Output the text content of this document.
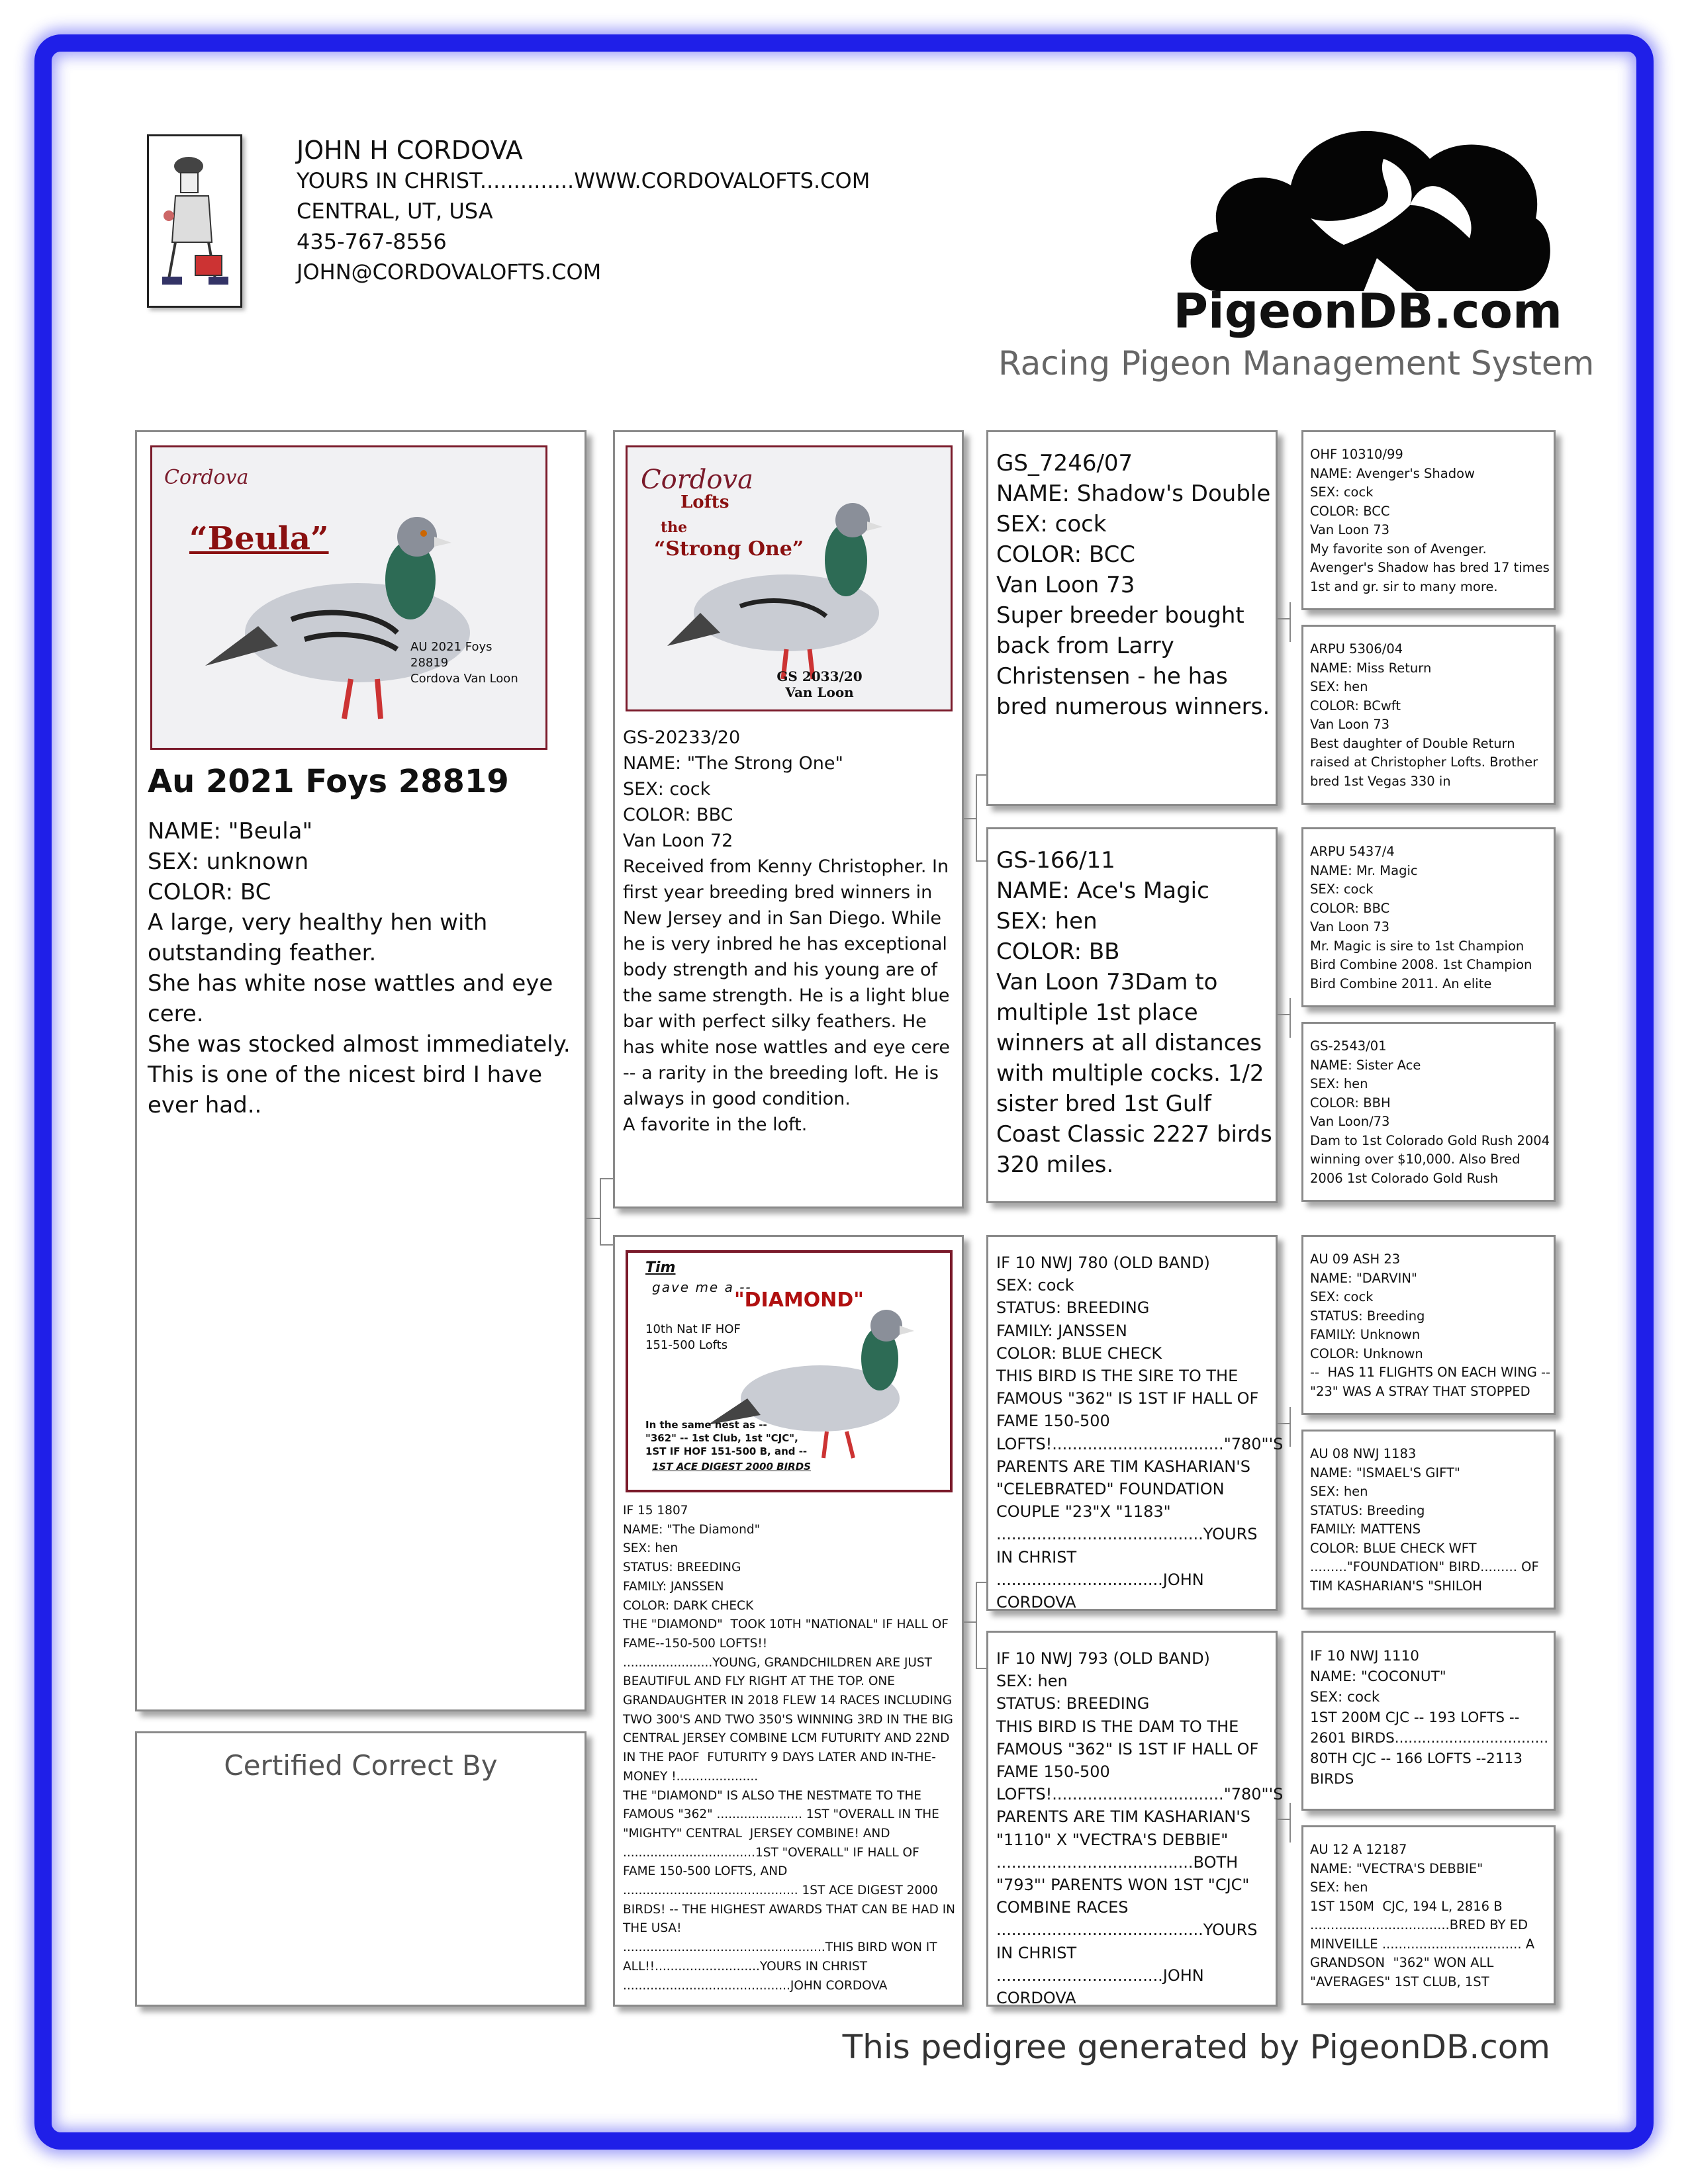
JOHN H CORDOVA
YOURS IN CHRIST..............WWW.CORDOVALOFTS.COM
CENTRAL, UT, USA
435-767-8556
JOHN@CORDOVALOFTS.COM
PigeonDB.com
Racing Pigeon Management System
Cordova
“Beula”
AU 2021 Foys
28819
Cordova Van Loon
Au 2021 Foys 28819
NAME: "Beula"
SEX: unknown
COLOR: BC
A large, very healthy hen with outstanding feather.
She has white nose wattles and eye cere.
She was stocked almost immediately.
This is one of the nicest bird I have  ever had..
Certified Correct By
Cordova
Lofts
the
“Strong One”
GS 2033/20
Van Loon
GS-20233/20
NAME: "The Strong One"
SEX: cock
COLOR: BBC
Van Loon 72
Received from Kenny Christopher. In first year breeding bred winners in New Jersey and in San Diego. While he is very inbred he has exceptional body strength and his young are of the same strength. He is a light blue bar with perfect silky feathers. He has white nose wattles and eye cere -- a rarity in the breeding loft. He is always in good condition.
A favorite in the loft.
Tim
gave me a --
"DIAMOND"
10th Nat IF HOF
151-500 Lofts
In the same nest as --
"362" -- 1st Club, 1st "CJC",
1ST IF HOF 151-500 B, and --
1ST ACE DIGEST 2000 BIRDS
IF 15 1807
NAME: "The Diamond"
SEX: hen
STATUS: BREEDING
FAMILY: JANSSEN
COLOR: DARK CHECK
THE "DIAMOND"  TOOK 10TH "NATIONAL" IF HALL OF FAME--150-500 LOFTS!!
.......................YOUNG, GRANDCHILDREN ARE JUST BEAUTIFUL AND FLY RIGHT AT THE TOP. ONE GRANDAUGHTER IN 2018 FLEW 14 RACES INCLUDING TWO 300'S AND TWO 350'S WINNING 3RD IN THE BIG CENTRAL JERSEY COMBINE LCM FUTURITY AND 22ND IN THE PAOF  FUTURITY 9 DAYS LATER AND IN-THE-MONEY !.....................
THE "DIAMOND" IS ALSO THE NESTMATE TO THE FAMOUS "362" ...................... 1ST "OVERALL IN THE "MIGHTY" CENTRAL  JERSEY COMBINE! AND ..................................1ST "OVERALL" IF HALL OF FAME 150-500 LOFTS, AND
............................................. 1ST ACE DIGEST 2000 BIRDS! -- THE HIGHEST AWARDS THAT CAN BE HAD IN THE USA!
....................................................THIS BIRD WON IT ALL!!...........................YOURS IN CHRIST
...........................................JOHN CORDOVA
GS_7246/07
NAME: Shadow's Double
SEX: cock
COLOR: BCC
Van Loon 73
Super breeder bought back from Larry Christensen - he has bred numerous winners.
GS-166/11
NAME: Ace's Magic
SEX: hen
COLOR: BB
Van Loon 73Dam to multiple 1st place winners at all distances with multiple cocks. 1/2 sister bred 1st Gulf Coast Classic 2227 birds 320 miles.
IF 10 NWJ 780 (OLD BAND)
SEX: cock
STATUS: BREEDING
FAMILY: JANSSEN
COLOR: BLUE CHECK
THIS BIRD IS THE SIRE TO THE FAMOUS "362" IS 1ST IF HALL OF FAME 150-500 LOFTS!.................................."780"'S PARENTS ARE TIM KASHARIAN'S "CELEBRATED" FOUNDATION COUPLE "23"X "1183"
.........................................YOURS IN CHRIST .................................JOHN CORDOVA
IF 10 NWJ 793 (OLD BAND)
SEX: hen
STATUS: BREEDING
THIS BIRD IS THE DAM TO THE FAMOUS "362" IS 1ST IF HALL OF FAME 150-500 LOFTS!.................................."780"'S PARENTS ARE TIM KASHARIAN'S "1110" X "VECTRA'S DEBBIE"
.......................................BOTH "793"' PARENTS WON 1ST "CJC" COMBINE RACES
.........................................YOURS IN CHRIST .................................JOHN CORDOVA
OHF 10310/99
NAME: Avenger's Shadow
SEX: cock
COLOR: BCC
Van Loon 73
My favorite son of Avenger. Avenger's Shadow has bred 17 times 1st and gr. sir to many more.
ARPU 5306/04
NAME: Miss Return
SEX: hen
COLOR: BCwft
Van Loon 73
Best daughter of Double Return raised at Christopher Lofts. Brother bred 1st Vegas 330 in
ARPU 5437/4
NAME: Mr. Magic
SEX: cock
COLOR: BBC
Van Loon 73
Mr. Magic is sire to 1st Champion Bird Combine 2008. 1st Champion Bird Combine 2011. An elite
GS-2543/01
NAME: Sister Ace
SEX: hen
COLOR: BBH
Van Loon/73
Dam to 1st Colorado Gold Rush 2004 winning over $10,000. Also Bred 2006 1st Colorado Gold Rush
AU 09 ASH 23
NAME: "DARVIN"
SEX: cock
STATUS: Breeding
FAMILY: Unknown
COLOR: Unknown
--  HAS 11 FLIGHTS ON EACH WING --"23" WAS A STRAY THAT STOPPED
AU 08 NWJ 1183
NAME: "ISMAEL'S GIFT"
SEX: hen
STATUS: Breeding
FAMILY: MATTENS
COLOR: BLUE CHECK WFT
........."FOUNDATION" BIRD......... OF TIM KASHARIAN'S "SHILOH
IF 10 NWJ 1110
NAME: "COCONUT"
SEX: cock
1ST 200M CJC -- 193 LOFTS -- 2601 BIRDS..................................
80TH CJC -- 166 LOFTS --2113 BIRDS
AU 12 A 12187
NAME: "VECTRA'S DEBBIE"
SEX: hen
1ST 150M  CJC, 194 L, 2816 B
..................................BRED BY ED MINVEILLE .................................. A GRANDSON  "362" WON ALL "AVERAGES" 1ST CLUB, 1ST
This pedigree generated by PigeonDB.com
